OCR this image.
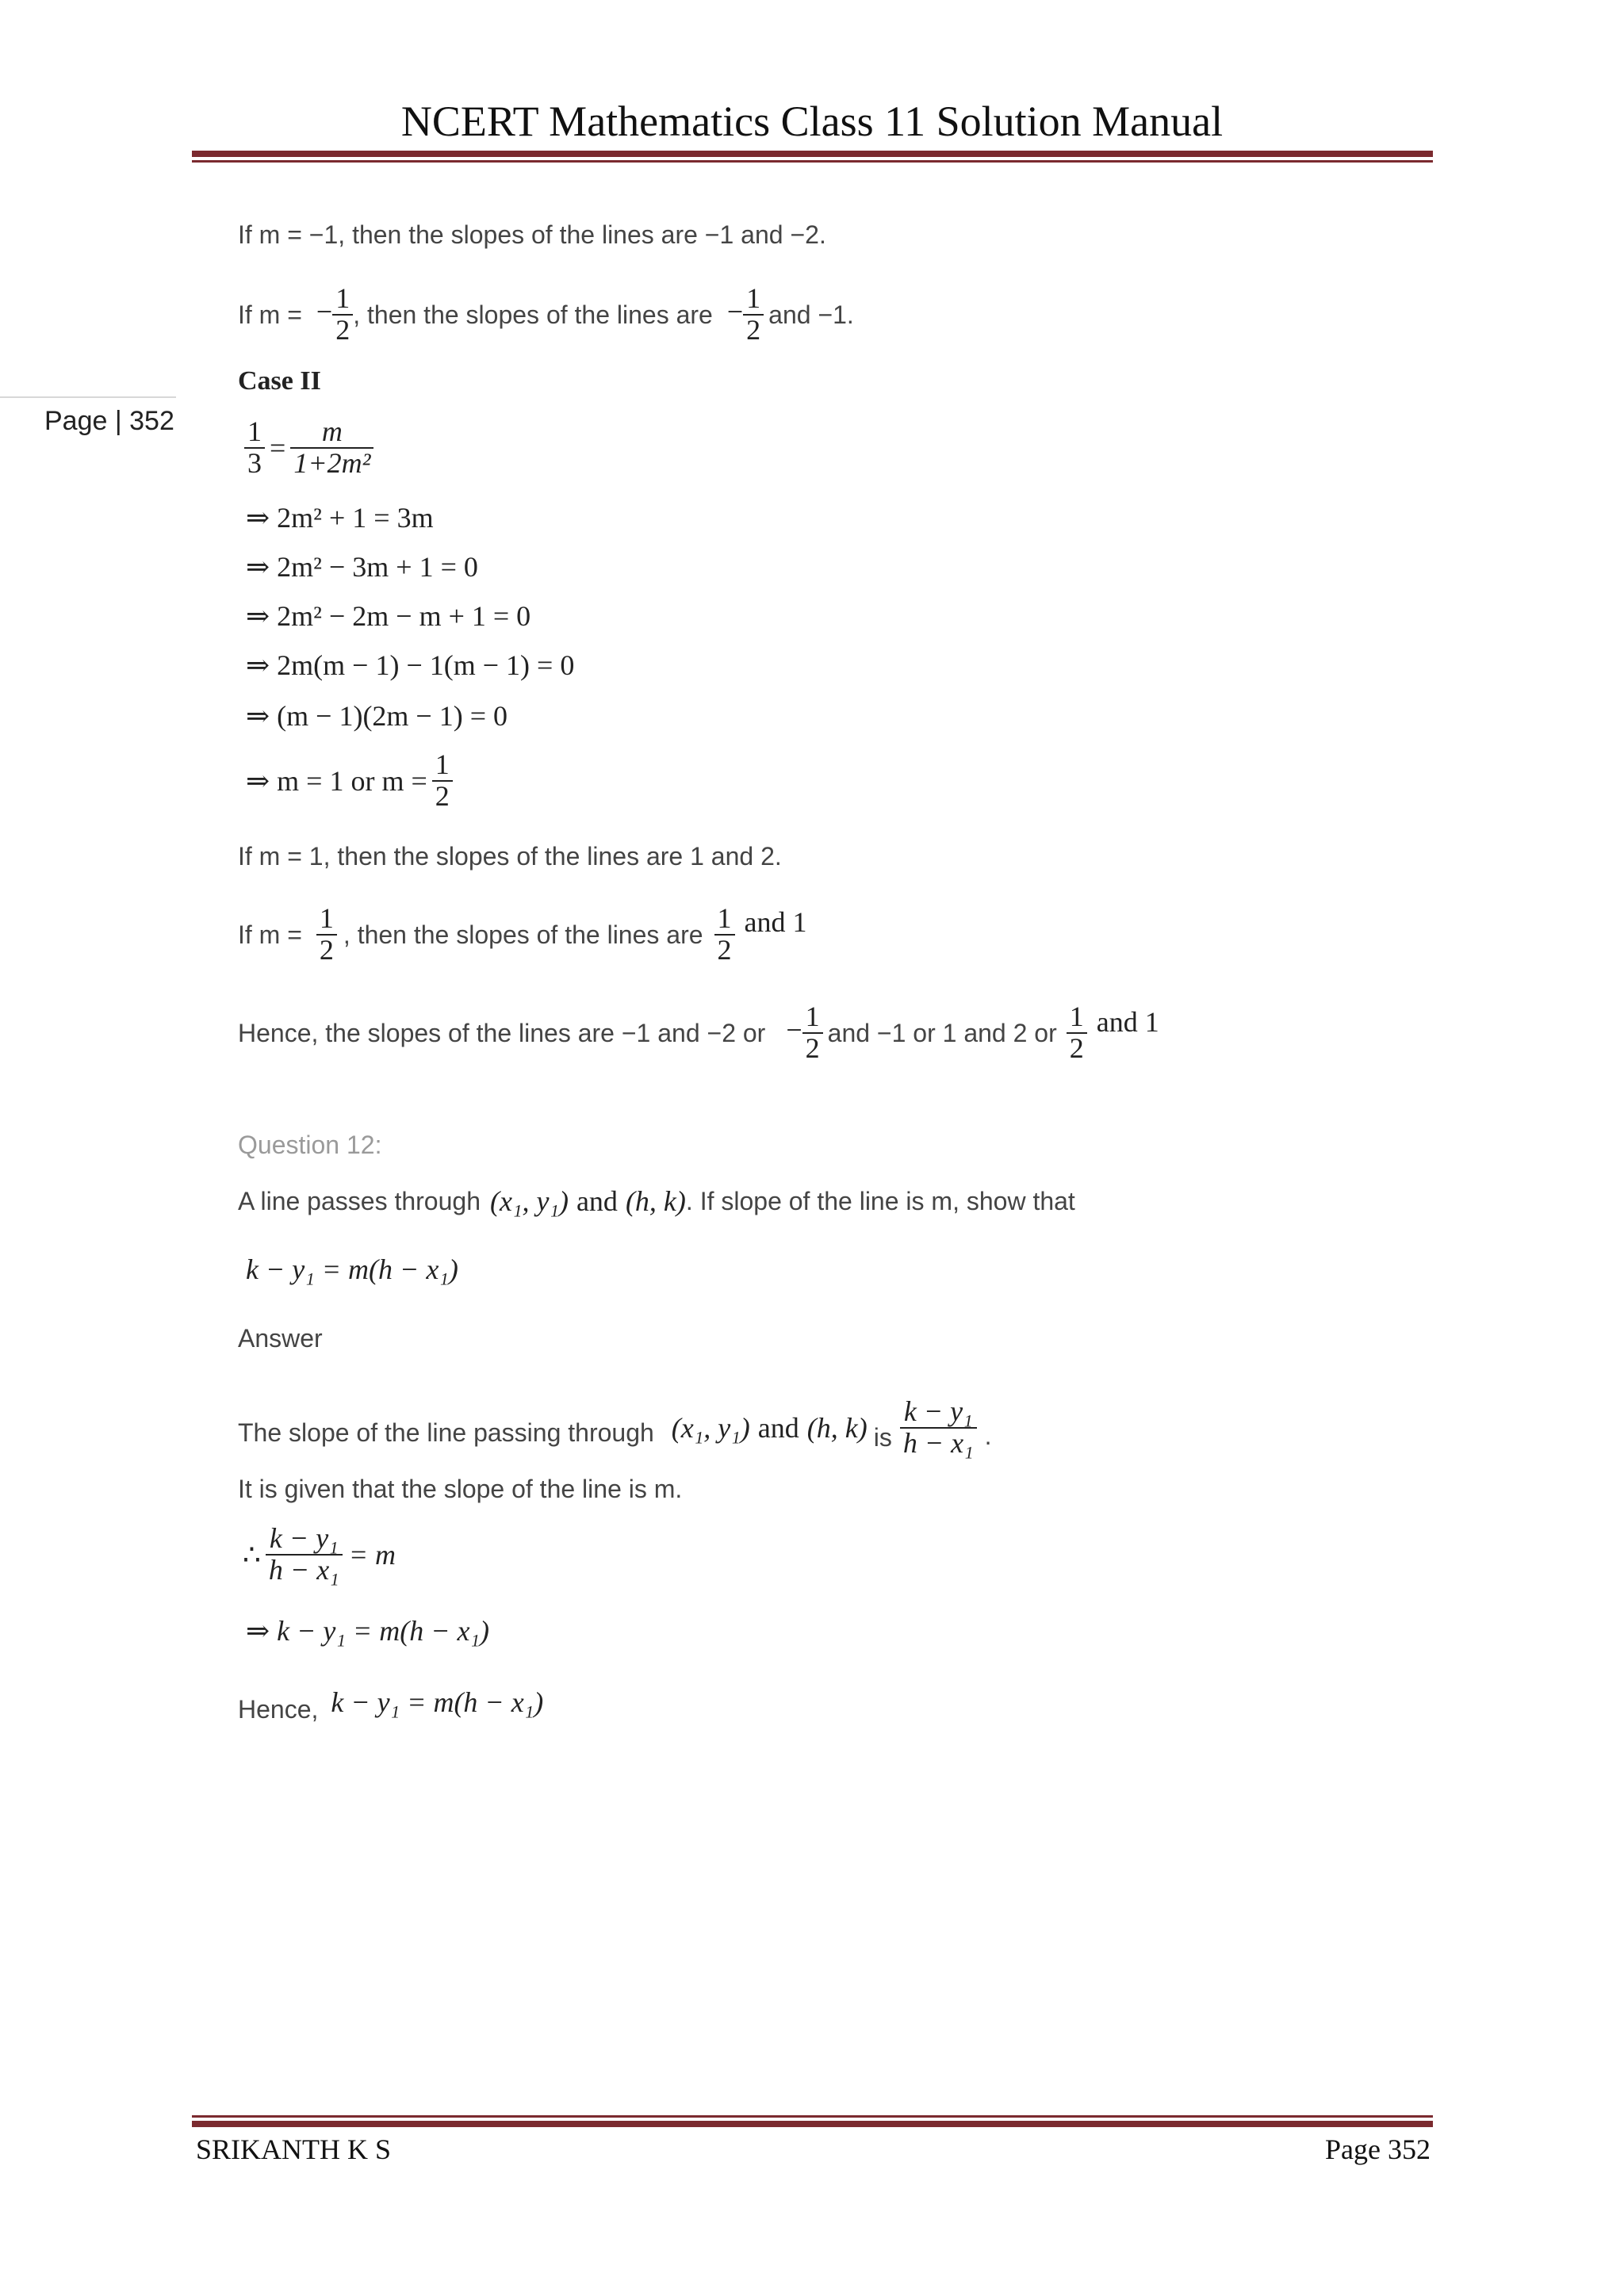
NCERT Mathematics Class 11 Solution Manual
Page | 352
If m = −1, then the slopes of the lines are −1 and −2.
If m = − $\frac{1}{2}$ , then the slopes of the lines are − $\frac{1}{2}$ and −1.
Case II
$\frac{1}{3} = \frac{m}{\text{1+2m²}}$
⇒ 2m² + 1 = 3m
⇒ 2m² − 3m + 1 = 0
⇒ 2m² − 2m − m + 1 = 0
⇒ 2m(m − 1) − 1(m − 1) = 0
⇒ (m − 1)(2m − 1) = 0
⇒ m = 1 or $m = \frac{1}{2}$
If m = 1, then the slopes of the lines are 1 and 2.
If $m = \frac{1}{2}$ , then the slopes of the lines are $\frac{1}{2}$ and 1
Hence, the slopes of the lines are −1 and −2 or − $\frac{1}{2}$ and −1 or 1 and 2 or $\frac{1}{2}$ and 1
Question 12:
A line passes through (x₁, y₁) and (h, k) . If slope of the line is m, show that
k − y₁ = m(h − x₁)
Answer
The slope of the line passing through (x₁, y₁) and (h, k) is $\frac{\text{k − y₁}}{\text{h − x₁}}$ .
It is given that the slope of the line is m.
∴ $\frac{\text{k − y₁}}{\text{h − x₁}} = m$
⇒ k − y₁ = m(h − x₁)
Hence, k − y₁ = m(h − x₁)
SRIKANTH K S	Page 352
